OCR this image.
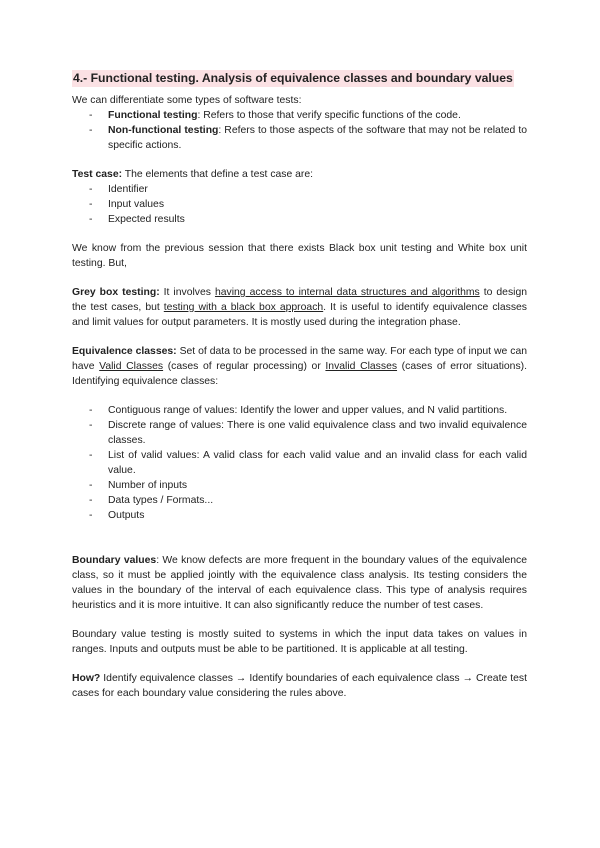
4.- Functional testing. Analysis of equivalence classes and boundary values

We can differentiate some types of software tests:

- Functional testing: Refers to those that verify specific functions of the code.
- Non-functional testing: Refers to those aspects of the software that may not be related to specific actions.

Test case: The elements that define a test case are:

- Identifier
- Input values
- Expected results

We know from the previous session that there exists Black box unit testing and White box unit testing. But,

Grey box testing: It involves having access to internal data structures and algorithms to design the test cases, but testing with a black box approach. It is useful to identify equivalence classes and limit values for output parameters. It is mostly used during the integration phase.

Equivalence classes: Set of data to be processed in the same way. For each type of input we can have Valid Classes (cases of regular processing) or Invalid Classes (cases of error situations). Identifying equivalence classes:

- Contiguous range of values: Identify the lower and upper values, and N valid partitions.
- Discrete range of values: There is one valid equivalence class and two invalid equivalence classes.
- List of valid values: A valid class for each valid value and an invalid class for each valid value.
- Number of inputs
- Data types / Formats...
- Outputs

Boundary values: We know defects are more frequent in the boundary values of the equivalence class, so it must be applied jointly with the equivalence class analysis. Its testing considers the values in the boundary of the interval of each equivalence class. This type of analysis requires heuristics and it is more intuitive. It can also significantly reduce the number of test cases.

Boundary value testing is mostly suited to systems in which the input data takes on values in ranges. Inputs and outputs must be able to be partitioned. It is applicable at all testing.

How? Identify equivalence classes → Identify boundaries of each equivalence class → Create test cases for each boundary value considering the rules above.
